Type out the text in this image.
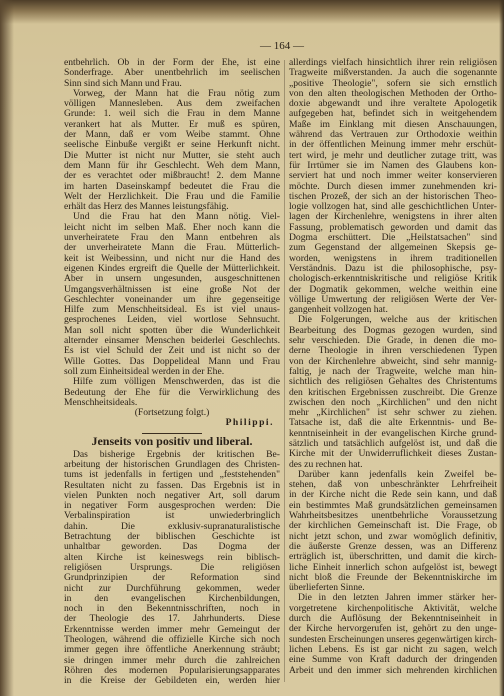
— 164 —
entbehrlich. Ob in der Form der Ehe, ist eine
Sonderfrage. Aber unentbehrlich im seelischen
Sinn sind sich Mann und Frau.
Vorweg, der Mann hat die Frau nötig zum
völligen Mannesleben. Aus dem zweifachen
Grunde: 1. weil sich die Frau in dem Manne
verankert hat als Mutter. Er muß es spüren,
der Mann, daß er vom Weibe stammt. Ohne
seelische Einbuße vergißt er seine Herkunft nicht.
Die Mutter ist nicht nur Mutter, sie steht auch
dem Mann für ihr Geschlecht. Weh dem Mann,
der es verachtet oder mißbraucht! 2. dem Manne
im harten Daseinskampf bedeutet die Frau die
Welt der Herzlichkeit. Die Frau und die Familie
erhält das Herz des Mannes leistungsfähig.
Und die Frau hat den Mann nötig. Viel-
leicht nicht im selben Maß. Eher noch kann die
unverheiratete Frau den Mann entbehren als
der unverheiratete Mann die Frau. Mütterlich-
keit ist Weibessinn, und nicht nur die Hand des
eigenen Kindes ergreift die Quelle der Mütterlichkeit.
Aber in unsern ungesunden, ausgeschnittenen
Umgangsverhältnissen ist eine große Not der
Geschlechter voneinander um ihre gegenseitige
Hilfe zum Menschheitsideal. Es ist viel unaus-
gesprochenes Leiden, viel wortlose Sehnsucht.
Man soll nicht spotten über die Wunderlichkeit
alternder einsamer Menschen beiderlei Geschlechts.
Es ist viel Schuld der Zeit und ist nicht so der
Wille Gottes. Das Doppelideal Mann und Frau
soll zum Einheitsideal werden in der Ehe.
Hilfe zum völligen Menschwerden, das ist die
Bedeutung der Ehe für die Verwirklichung des
Menschheitsideals.
(Fortsetzung folgt.)
Philippi.
Jenseits von positiv und liberal.
Das bisherige Ergebnis der kritischen Be-
arbeitung der historischen Grundlagen des Christen-
tums ist jedenfalls in fertigen und „feststehenden"
Resultaten nicht zu fassen. Das Ergebnis ist in
vielen Punkten noch negativer Art, soll darum
in negativer Form ausgesprochen werden: Die
Verbalinspiration ist unwiederbringlich
dahin. Die exklusiv-supranaturalistische
Betrachtung der biblischen Geschichte ist
unhaltbar geworden. Das Dogma der
alten Kirche ist keineswegs rein biblisch-
religiösen Ursprungs. Die religiösen
Grundprinzipien der Reformation sind
nicht zur Durchführung gekommen, weder
in den evangelischen Kirchenbildungen,
noch in den Bekenntnisschriften, noch in
der Theologie des 17. Jahrhunderts. Diese
Erkenntnisse werden immer mehr Gemeingut der
Theologen, während die offizielle Kirche sich noch
immer gegen ihre öffentliche Anerkennung sträubt;
sie dringen immer mehr durch die zahlreichen
Röhren des modernen Popularisierungsapparates
in die Kreise der Gebildeten ein, werden hier
allerdings vielfach hinsichtlich ihrer rein religiösen
Tragweite mißverstanden. Ja auch die sogenannte
„positive Theologie", sofern sie sich ernstlich
von den alten theologischen Methoden der Ortho-
doxie abgewandt und ihre veraltete Apologetik
aufgegeben hat, befindet sich in weitgehendem
Maße im Einklang mit diesen Anschauungen,
während das Vertrauen zur Orthodoxie weithin
in der öffentlichen Meinung immer mehr erschüt-
tert wird, je mehr und deutlicher zutage tritt, was
für Irrtümer sie im Namen des Glaubens kon-
serviert hat und noch immer weiter konservieren
möchte. Durch diesen immer zunehmenden kri-
tischen Prozeß, der sich an der historischen Theo-
logie vollzogen hat, sind alle geschichtlichen Unter-
lagen der Kirchenlehre, wenigstens in ihrer alten
Fassung, problematisch geworden und damit das
Dogma erschüttert. Die „Heilstatsachen" sind
zum Gegenstand der allgemeinen Skepsis ge-
worden, wenigstens in ihrem traditionellen
Verständnis. Dazu ist die philosophische, psy-
chologisch-erkenntniskritische und religiöse Kritik
der Dogmatik gekommen, welche weithin eine
völlige Umwertung der religiösen Werte der Ver-
gangenheit vollzogen hat.
Die Folgerungen, welche aus der kritischen
Bearbeitung des Dogmas gezogen wurden, sind
sehr verschieden. Die Grade, in denen die mo-
derne Theologie in ihren verschiedenen Typen
von der Kirchenlehre abweicht, sind sehr mannig-
faltig, je nach der Tragweite, welche man hin-
sichtlich des religiösen Gehaltes des Christentums
den kritischen Ergebnissen zuschreibt. Die Grenze
zwischen den noch „Kirchlichen" und den nicht
mehr „Kirchlichen" ist sehr schwer zu ziehen.
Tatsache ist, daß die alte Erkenntnis- und Be-
kenntniseinheit in der evangelischen Kirche grund-
sätzlich und tatsächlich aufgelöst ist, und daß die
Kirche mit der Unwiderruflichkeit dieses Zustan-
des zu rechnen hat.
Darüber kann jedenfalls kein Zweifel be-
stehen, daß von unbeschränkter Lehrfreiheit
in der Kirche nicht die Rede sein kann, und daß
ein bestimmtes Maß grundsätzlichen gemeinsamen
Wahrheitsbesitzes unentbehrliche Voraussetzung
der kirchlichen Gemeinschaft ist. Die Frage, ob
nicht jetzt schon, und zwar womöglich definitiv,
die äußerste Grenze dessen, was an Differenz
erträglich ist, überschritten, und damit die kirch-
liche Einheit innerlich schon aufgelöst ist, bewegt
nicht bloß die Freunde der Bekenntniskirche im
überlieferten Sinne.
Die in den letzten Jahren immer stärker her-
vorgetretene kirchenpolitische Aktivität, welche
durch die Auflösung der Bekenntniseinheit in
der Kirche hervorgerufen ist, gehört zu den unge-
sundesten Erscheinungen unseres gegenwärtigen kirch-
lichen Lebens. Es ist gar nicht zu sagen, welch
eine Summe von Kraft dadurch der dringenden
Arbeit und den immer sich mehrenden kirchlichen
